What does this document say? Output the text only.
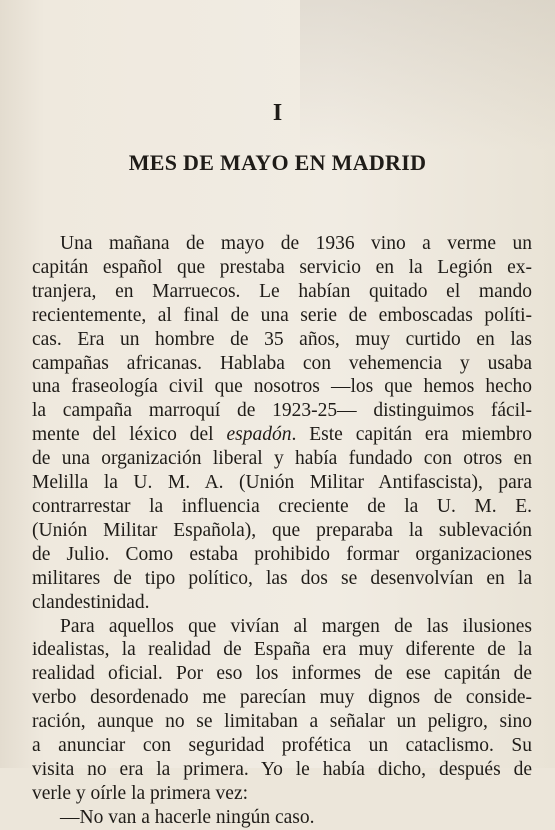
I
MES DE MAYO EN MADRID
Una mañana de mayo de 1936 vino a verme un
capitán español que prestaba servicio en la Legión ex-
tranjera, en Marruecos. Le habían quitado el mando
recientemente, al final de una serie de emboscadas políti-
cas. Era un hombre de 35 años, muy curtido en las
campañas africanas. Hablaba con vehemencia y usaba
una fraseología civil que nosotros —los que hemos hecho
la campaña marroquí de 1923-25— distinguimos fácil-
mente del léxico del espadón. Este capitán era miembro
de una organización liberal y había fundado con otros en
Melilla la U. M. A. (Unión Militar Antifascista), para
contrarrestar la influencia creciente de la U. M. E.
(Unión Militar Española), que preparaba la sublevación
de Julio. Como estaba prohibido formar organizaciones
militares de tipo político, las dos se desenvolvían en la
clandestinidad.
Para aquellos que vivían al margen de las ilusiones
idealistas, la realidad de España era muy diferente de la
realidad oficial. Por eso los informes de ese capitán de
verbo desordenado me parecían muy dignos de conside-
ración, aunque no se limitaban a señalar un peligro, sino
a anunciar con seguridad profética un cataclismo. Su
visita no era la primera. Yo le había dicho, después de
verle y oírle la primera vez:
—No van a hacerle ningún caso.
